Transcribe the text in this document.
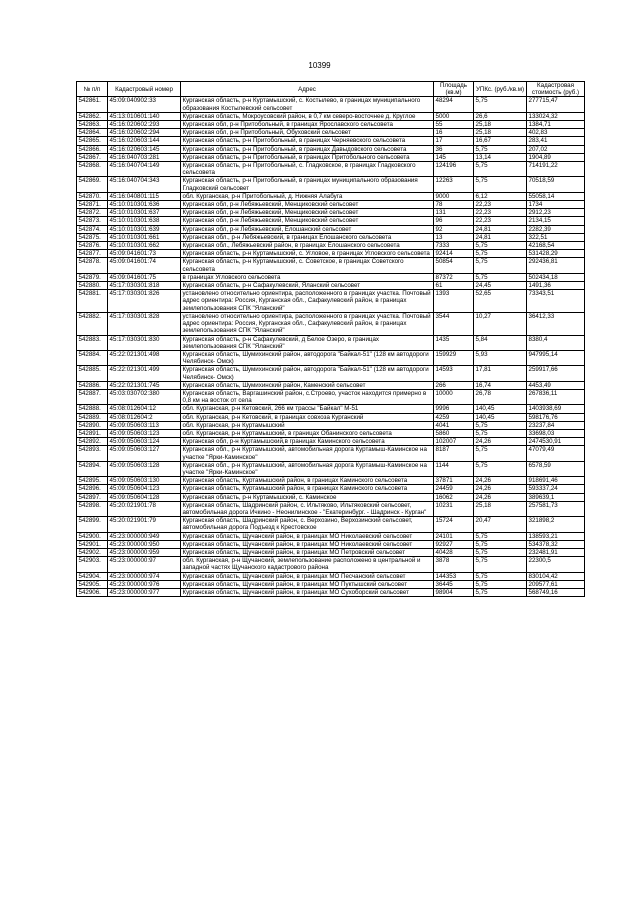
10399
№ п/п	Кадастровый номер	Адрес	Площадь (кв.м)	УПКс. (руб./кв.м)	Кадастровая стоимость (руб.)
542861.	45:09:040902:33	Курганская область, р-н Куртамышский, с. Костылево, в границах муниципального образования Костылевский сельсовет	48294	5,75	277715,47
542862.	45:13:010601:140	Курганская область, Мокроусовский район, в 0,7 км северо-восточнее д. Круглое	5000	26,6	133024,32
542863.	45:16:020602:293	Курганская обл, р-н Притобольный, в границах Ярославского сельсовета	55	25,18	1384,71
542864.	45:16:020602:294	Курганская обл, р-н Притобольный, Обуховский сельсовет	16	25,18	402,83
542865.	45:16:020603:144	Курганская область, р-н Притобольный, в границах Черняевского сельсовета	17	16,67	283,41
542866.	45:16:020603:145	Курганская область, р-н Притобольный, в границах Давыдовского сельсовета	36	5,75	207,02
542867.	45:16:040703:281	Курганская область, р-н Притобольный, в границах Притобольного сельсовета	145	13,14	1904,89
542868.	45:16:040704:149	Курганская область, р-н Притобольный, с. Гладковское, в границах Гладковского сельсовета	124196	5,75	714191,22
542869.	45:16:040704:343	Курганская область, р-н Притобольный, в границах муниципального образования Гладковский сельсовет	12263	5,75	70518,59
542870.	45:16:040801:115	обл. Курганская, р-н Притобольный, д. Нижняя Алабуга	9000	6,12	55058,14
542871.	45:10:010301:636	Курганская обл, р-н Лебяжьевский, Менщиковский сельсовет	78	22,23	1734
542872.	45:10:010301:637	Курганская обл, р-н Лебяжьевский, Менщиковский сельсовет	131	22,23	2912,23
542873.	45:10:010301:638	Курганская обл, р-н Лебяжьевский, Менщиковский сельсовет	96	22,23	2134,15
542874.	45:10:010301:639	Курганская обл, р-н Лебяжьевский, Елошанский сельсовет	92	24,81	2282,39
542875.	45:10:010301:661	Курганская обл., р-н Лебяжьевский, в границах Елошанского сельсовета	13	24,81	322,51
542876.	45:10:010301:662	Курганская обл., Лебяжьевский район, в границах Елошанского сельсовета	7333	5,75	42168,54
542877.	45:09:041601:73	Курганская область, р-н Куртамышский, с. Угловое, в границах Угловского сельсовета	92414	5,75	531428,29
542878.	45:09:041601:74	Курганская область, р-н Куртамышский, с. Советское, в границах Советского сельсовета	50854	5,75	292436,81
542879.	45:09:041601:75	в границах Угловского сельсовета	87372	5,75	502434,18
542880.	45:17:030301:818	Курганская область, р-н Сафакулевский, Яланский сельсовет	61	24,45	1491,36
542881.	45:17:030301:826	установлено относительно ориентира, расположенного в границах участка. Почтовый адрес ориентира: Россия, Курганская обл., Сафакулевский район, в границах землепользования СПК "Яланский"	1393	52,65	73343,51
542882.	45:17:030301:828	установлено относительно ориентира, расположенного в границах участка. Почтовый адрес ориентира: Россия, Курганская обл., Сафакулевский район, в границах землепользования СПК "Яланский"	3544	10,27	36412,33
542883.	45:17:030301:830	Курганская область, р-н Сафакулевский, д Белое Озеро, в границах землепользования СПК "Яланский"	1435	5,84	8380,4
542884.	45:22:021301:498	Курганская область, Шумихинский район, автодорога "Байкал-51" (128 км автодороги Челябинск- Омск)	159929	5,93	947995,14
542885.	45:22:021301:499	Курганская область, Шумихинский район, автодорога "Байкал-51" (128 км автодороги Челябинск- Омск)	14593	17,81	259917,66
542886.	45:22:021301:745	Курганская область, Шумихинский район, Каменский сельсовет	266	16,74	4453,49
542887.	45:03:030702:380	Курганская область, Варгашинский район, с.Строево, участок находится примерно в 0,8 км на восток от села	10000	26,78	267836,11
542888.	45:08:012604:12	обл. Курганская, р-н Кетовский, 266 км трассы "Байкал" М-51	9996	140,45	1403938,69
542889.	45:08:012604:2	обл. Курганская, р-н Кетовский, в границах совхоза Курганский	4259	140,45	598176,76
542890.	45:09:050603:113	обл. Курганская, р-н Куртамышский	4041	5,75	23237,84
542891.	45:09:050603:123	обл. Курганская, р-н Куртамышский, в границах Обанинского сельсовета	5860	5,75	33698,03
542892.	45:09:050603:124	Курганская обл, р-н Куртамышский,в границах Каминского сельсовета	102007	24,26	2474530,91
542893.	45:09:050603:127	Курганская обл., р-н Куртамышский, автомобильная дорога Куртамыш-Каминское на участке "Ярки-Каминское"	8187	5,75	47079,49
542894.	45:09:050603:128	Курганская обл., р-н Куртамышский, автомобильная дорога Куртамыш-Каминское на участке "Ярки-Каминское"	1144	5,75	6578,59
542895.	45:09:050603:130	Курганская область, Куртамышский район, в границах Каминского сельсовета	37871	24,26	918691,46
542896.	45:09:050604:123	Курганская область, Куртамышский район, в границах Каминского сельсовета	24459	24,26	593337,24
542897.	45:09:050604:128	Курганская область, р-н Куртамышский, с. Каминское	16062	24,26	389639,1
542898.	45:20:021901:78	Курганская область, Шадринский район, с. Ильтяково, Ильтяковский сельсовет, автомобильная дорога Ичкино - Неонилинское - "Екатеринбург. - Шадринск - Курган"	10231	25,18	257581,73
542899.	45:20:021901:79	Курганская область, Шадринский район, с. Верхозино, Верхозинский сельсовет, автомобильная дорога Подъезд к Крестовское	15724	20,47	321898,2
542900.	45:23:000000:949	Курганская область, Щучанский район, в границах МО Николаевский сельсовет	24101	5,75	138593,21
542901.	45:23:000000:950	Курганская область, Щучанский район, в границах МО Николаевский сельсовет	92927	5,75	534378,32
542902.	45:23:000000:959	Курганская область, Щучанский район, в границах МО Петровский сельсовет	40428	5,75	232481,91
542903.	45:23:000000:97	обл. Курганская, р-н Щучанский, землепользование расположено в центральной и западной частях Щучанского кадастрового района	3878	5,75	22300,5
542904.	45:23:000000:974	Курганская область, Щучанский район, в границах МО Песчанский сельсовет	144353	5,75	830104,42
542905.	45:23:000000:976	Курганская область, Щучанский район, в границах МО Пуктышский сельсовет	36445	5,75	209577,61
542906.	45:23:000000:977	Курганская область, Щучанский район, в границах МО Сухоборский сельсовет	98904	5,75	568749,16
